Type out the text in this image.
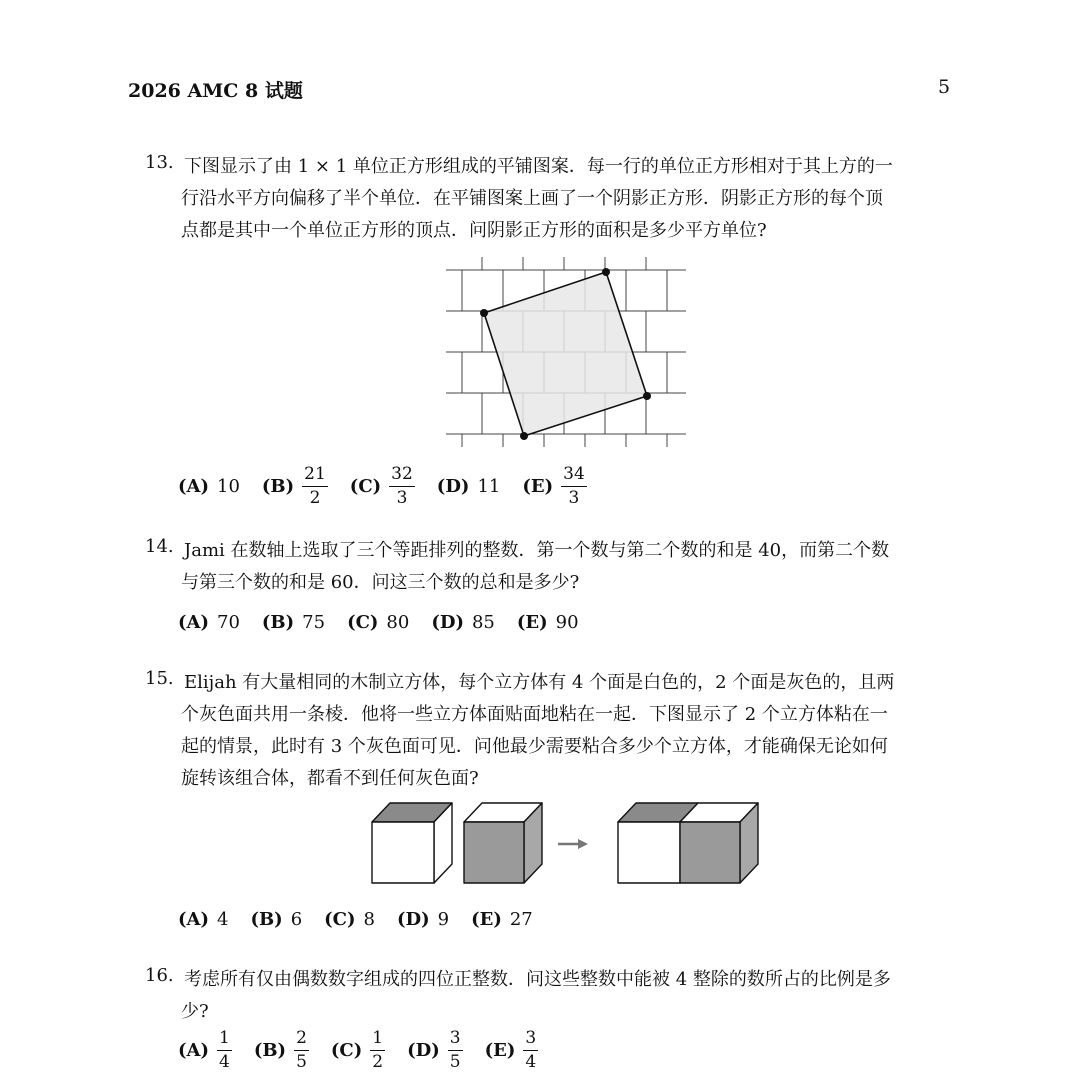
2026 AMC 8 试题	5
13. 下图显示了由 1 × 1 单位正方形组成的平铺图案．每一行的单位正方形相对于其上方的一
行沿水平方向偏移了半个单位．在平铺图案上画了一个阴影正方形．阴影正方形的每个顶
点都是其中一个单位正方形的顶点．问阴影正方形的面积是多少平方单位?
(A) 10 $(B) \frac{21}{2} (C) \frac{32}{3} (D)$ 11 $(E) \frac{34}{3}$
14. Jami 在数轴上选取了三个等距排列的整数．第一个数与第二个数的和是 40，而第二个数
与第三个数的和是 60．问这三个数的总和是多少?
(A) 70 (B) 75 (C) 80 (D) 85 (E) 90
15. Elijah 有大量相同的木制立方体，每个立方体有 4 个面是白色的，2 个面是灰色的，且两
个灰色面共用一条棱．他将一些立方体面贴面地粘在一起．下图显示了 2 个立方体粘在一
起的情景，此时有 3 个灰色面可见．问他最少需要粘合多少个立方体，才能确保无论如何
旋转该组合体，都看不到任何灰色面?
(A) 4 (B) 6 (C) 8 (D) 9 (E) 27
16. 考虑所有仅由偶数数字组成的四位正整数．问这些整数中能被 4 整除的数所占的比例是多
少?
$(A) \frac{1}{4} (B) \frac{2}{5} (C) \frac{1}{2} (D) \frac{3}{5} (E) \frac{3}{4}$
